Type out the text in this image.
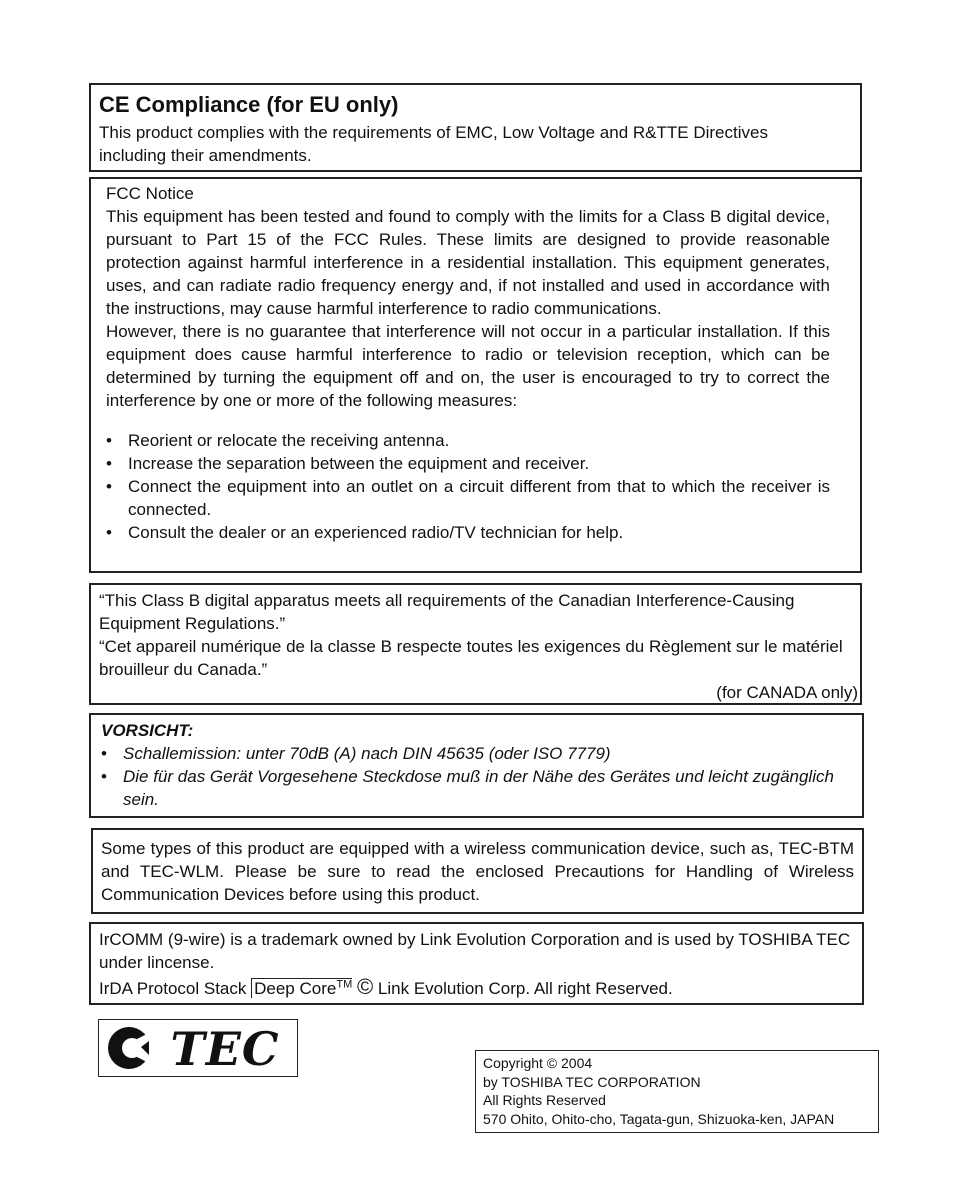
CE Compliance (for EU only)

This product complies with the requirements of EMC, Low Voltage and R&TTE Directives

including their amendments.

FCC Notice

This equipment has been tested and found to comply with the limits for a Class B digital device, pursuant to Part 15 of the FCC Rules. These limits are designed to provide reasonable protection against harmful interference in a residential installation. This equipment generates, uses, and can radiate radio frequency energy and, if not installed and used in accordance with the instructions, may cause harmful interference to radio communications.

However, there is no guarantee that interference will not occur in a particular installation. If this equipment does cause harmful interference to radio or television reception, which can be determined by turning the equipment off and on, the user is encouraged to try to correct the interference by one or more of the following measures:

• Reorient or relocate the receiving antenna.
• Increase the separation between the equipment and receiver.
• Connect the equipment into an outlet on a circuit different from that to which the receiver is connected.
• Consult the dealer or an experienced radio/TV technician for help.

“This Class B digital apparatus meets all requirements of the Canadian Interference-Causing Equipment Regulations.”

“Cet appareil numérique de la classe B respecte toutes les exigences du Règlement sur le matériel brouilleur du Canada.”

(for CANADA only)

VORSICHT:

• Schallemission: unter 70dB (A) nach DIN 45635 (oder ISO 7779)
• Die für das Gerät Vorgesehene Steckdose muß in der Nähe des Gerätes und leicht zugänglich sein.

Some types of this product are equipped with a wireless communication device, such as, TEC-BTM and TEC-WLM. Please be sure to read the enclosed Precautions for Handling of Wireless Communication Devices before using this product.

IrCOMM (9-wire) is a trademark owned by Link Evolution Corporation and is used by TOSHIBA TEC under lincense.

IrDA Protocol Stack Deep Core™ © Link Evolution Corp. All right Reserved.

TEC	Copyright © 2004
by TOSHIBA TEC CORPORATION
All Rights Reserved
570 Ohito, Ohito-cho, Tagata-gun, Shizuoka-ken, JAPAN
